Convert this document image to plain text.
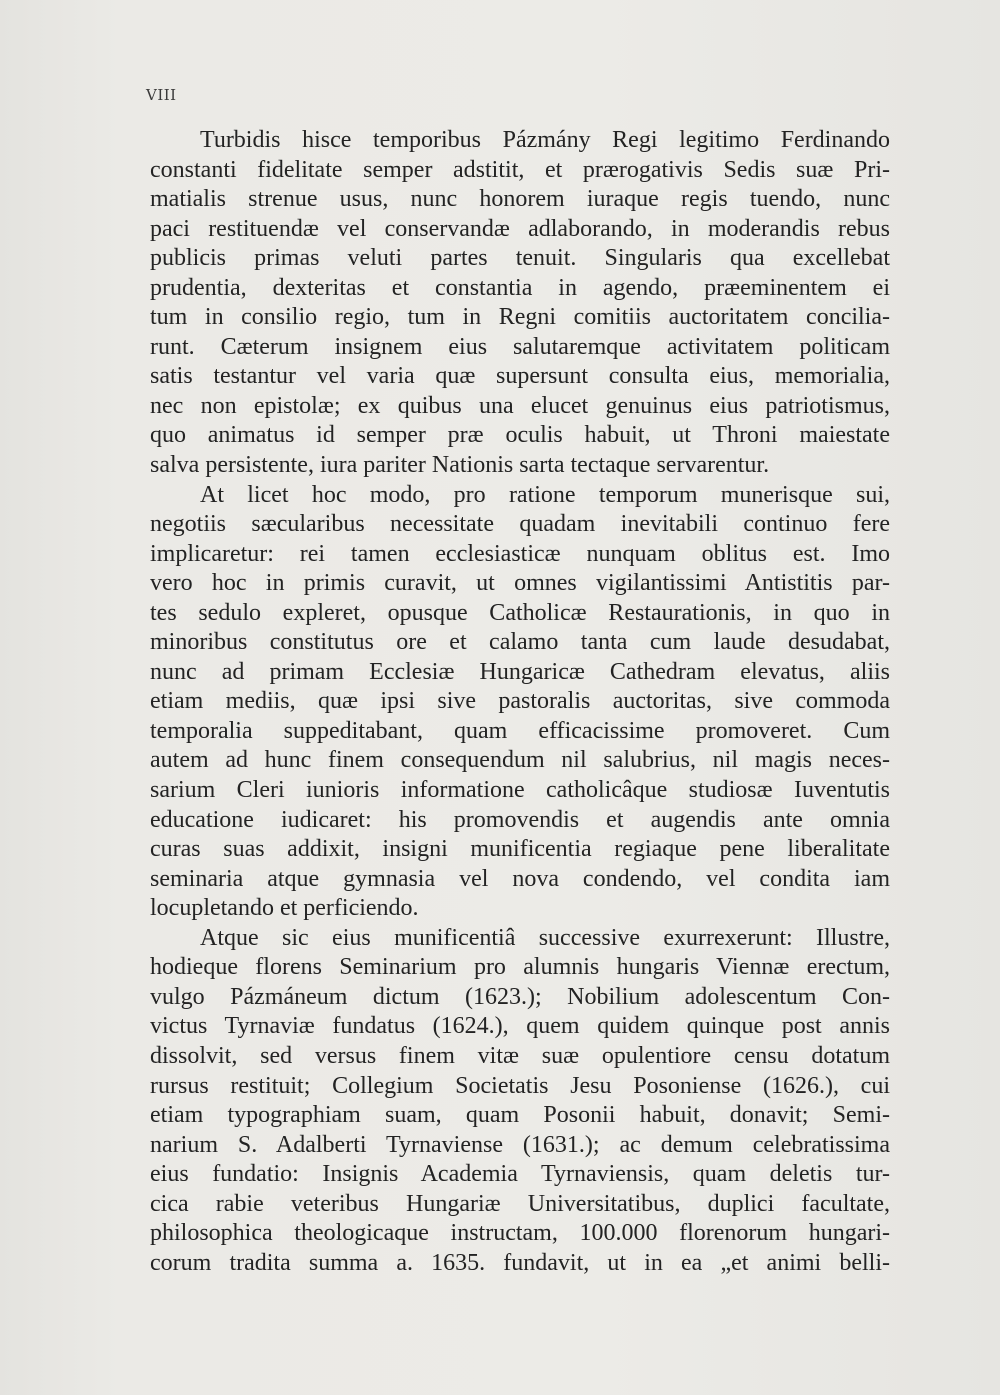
VIII
Turbidis hisce temporibus Pázmány Regi legitimo Ferdinando
constanti fidelitate semper adstitit, et prærogativis Sedis suæ Pri-
matialis strenue usus, nunc honorem iuraque regis tuendo, nunc
paci restituendæ vel conservandæ adlaborando, in moderandis rebus
publicis primas veluti partes tenuit. Singularis qua excellebat
prudentia, dexteritas et constantia in agendo, præeminentem ei
tum in consilio regio, tum in Regni comitiis auctoritatem concilia-
runt. Cæterum insignem eius salutaremque activitatem politicam
satis testantur vel varia quæ supersunt consulta eius, memorialia,
nec non epistolæ; ex quibus una elucet genuinus eius patriotismus,
quo animatus id semper præ oculis habuit, ut Throni maiestate
salva persistente, iura pariter Nationis sarta tectaque servarentur.
At licet hoc modo, pro ratione temporum munerisque sui,
negotiis sæcularibus necessitate quadam inevitabili continuo fere
implicaretur: rei tamen ecclesiasticæ nunquam oblitus est. Imo
vero hoc in primis curavit, ut omnes vigilantissimi Antistitis par-
tes sedulo expleret, opusque Catholicæ Restaurationis, in quo in
minoribus constitutus ore et calamo tanta cum laude desudabat,
nunc ad primam Ecclesiæ Hungaricæ Cathedram elevatus, aliis
etiam mediis, quæ ipsi sive pastoralis auctoritas, sive commoda
temporalia suppeditabant, quam efficacissime promoveret. Cum
autem ad hunc finem consequendum nil salubrius, nil magis neces-
sarium Cleri iunioris informatione catholicâque studiosæ Iuventutis
educatione iudicaret: his promovendis et augendis ante omnia
curas suas addixit, insigni munificentia regiaque pene liberalitate
seminaria atque gymnasia vel nova condendo, vel condita iam
locupletando et perficiendo.
Atque sic eius munificentiâ successive exurrexerunt: Illustre,
hodieque florens Seminarium pro alumnis hungaris Viennæ erectum,
vulgo Pázmáneum dictum (1623.); Nobilium adolescentum Con-
victus Tyrnaviæ fundatus (1624.), quem quidem quinque post annis
dissolvit, sed versus finem vitæ suæ opulentiore censu dotatum
rursus restituit; Collegium Societatis Jesu Posoniense (1626.), cui
etiam typographiam suam, quam Posonii habuit, donavit; Semi-
narium S. Adalberti Tyrnaviense (1631.); ac demum celebratissima
eius fundatio: Insignis Academia Tyrnaviensis, quam deletis tur-
cica rabie veteribus Hungariæ Universitatibus, duplici facultate,
philosophica theologicaque instructam, 100.000 florenorum hungari-
corum tradita summa a. 1635. fundavit, ut in ea „et animi belli-
